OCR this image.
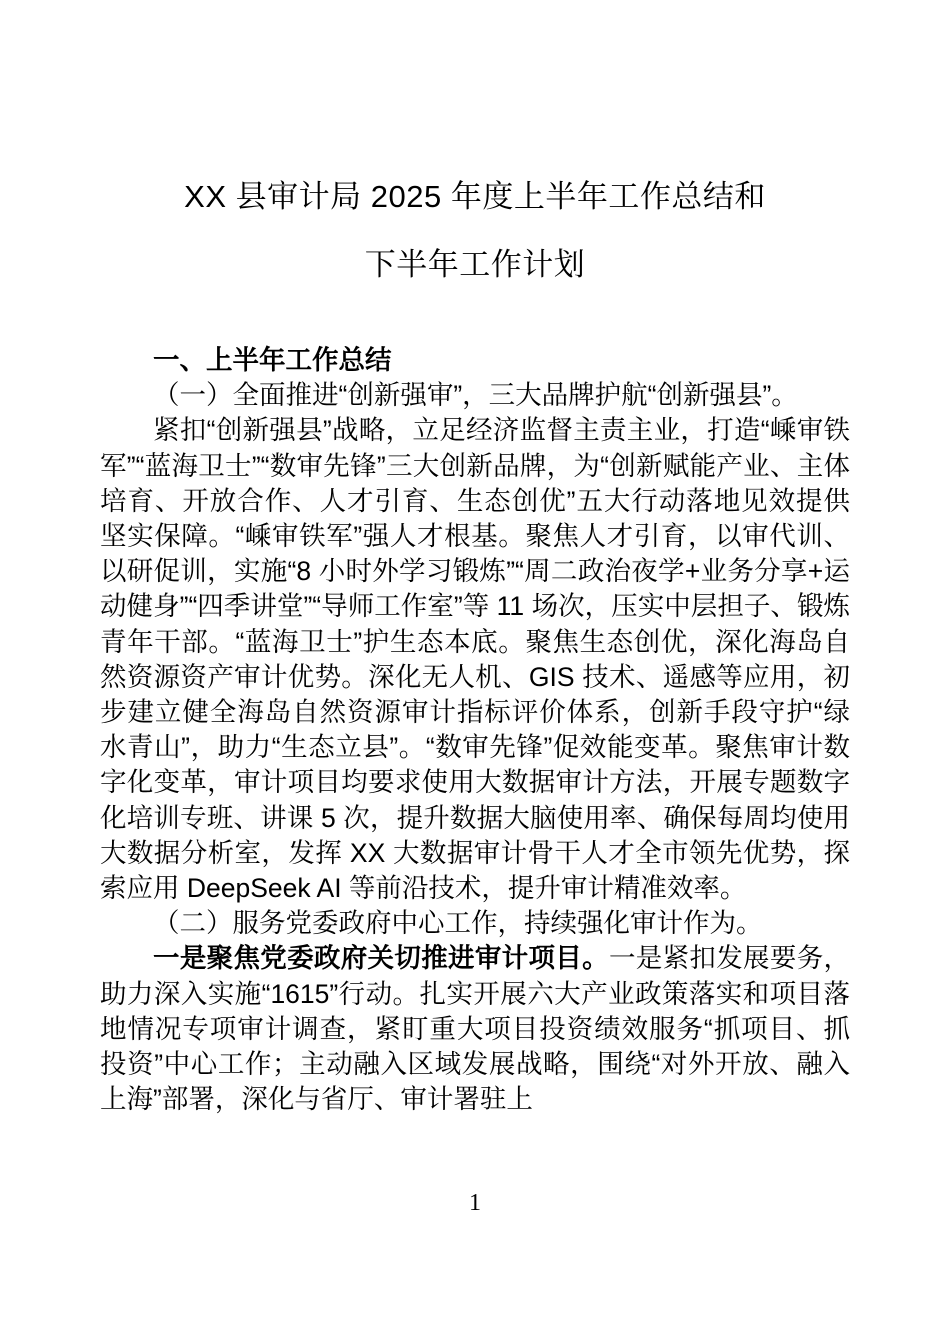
XX 县审计局 2025 年度上半年工作总结和
下半年工作计划

一、上半年工作总结

（一）全面推进“创新强审”，三大品牌护航“创新强县”。

紧扣“创新强县”战略，立足经济监督主责主业，打造“嵊审铁军”“蓝海卫士”“数审先锋”三大创新品牌，为“创新赋能产业、主体培育、开放合作、人才引育、生态创优”五大行动落地见效提供坚实保障。“嵊审铁军”强人才根基。聚焦人才引育，以审代训、以研促训，实施“8 小时外学习锻炼”“周二政治夜学+业务分享+运动健身”“四季讲堂”“导师工作室”等 11 场次，压实中层担子、锻炼青年干部。“蓝海卫士”护生态本底。聚焦生态创优，深化海岛自然资源资产审计优势。深化无人机、GIS 技术、遥感等应用，初步建立健全海岛自然资源审计指标评价体系，创新手段守护“绿水青山”，助力“生态立县”。“数审先锋”促效能变革。聚焦审计数字化变革，审计项目均要求使用大数据审计方法，开展专题数字化培训专班、讲课 5 次，提升数据大脑使用率、确保每周均使用大数据分析室，发挥 XX 大数据审计骨干人才全市领先优势，探索应用 DeepSeek AI 等前沿技术，提升审计精准效率。

（二）服务党委政府中心工作，持续强化审计作为。

一是聚焦党委政府关切推进审计项目。一是紧扣发展要务，助力深入实施“1615”行动。扎实开展六大产业政策落实和项目落地情况专项审计调查，紧盯重大项目投资绩效服务“抓项目、抓投资”中心工作；主动融入区域发展战略，围绕“对外开放、融入上海”部署，深化与省厅、审计署驻上

1
